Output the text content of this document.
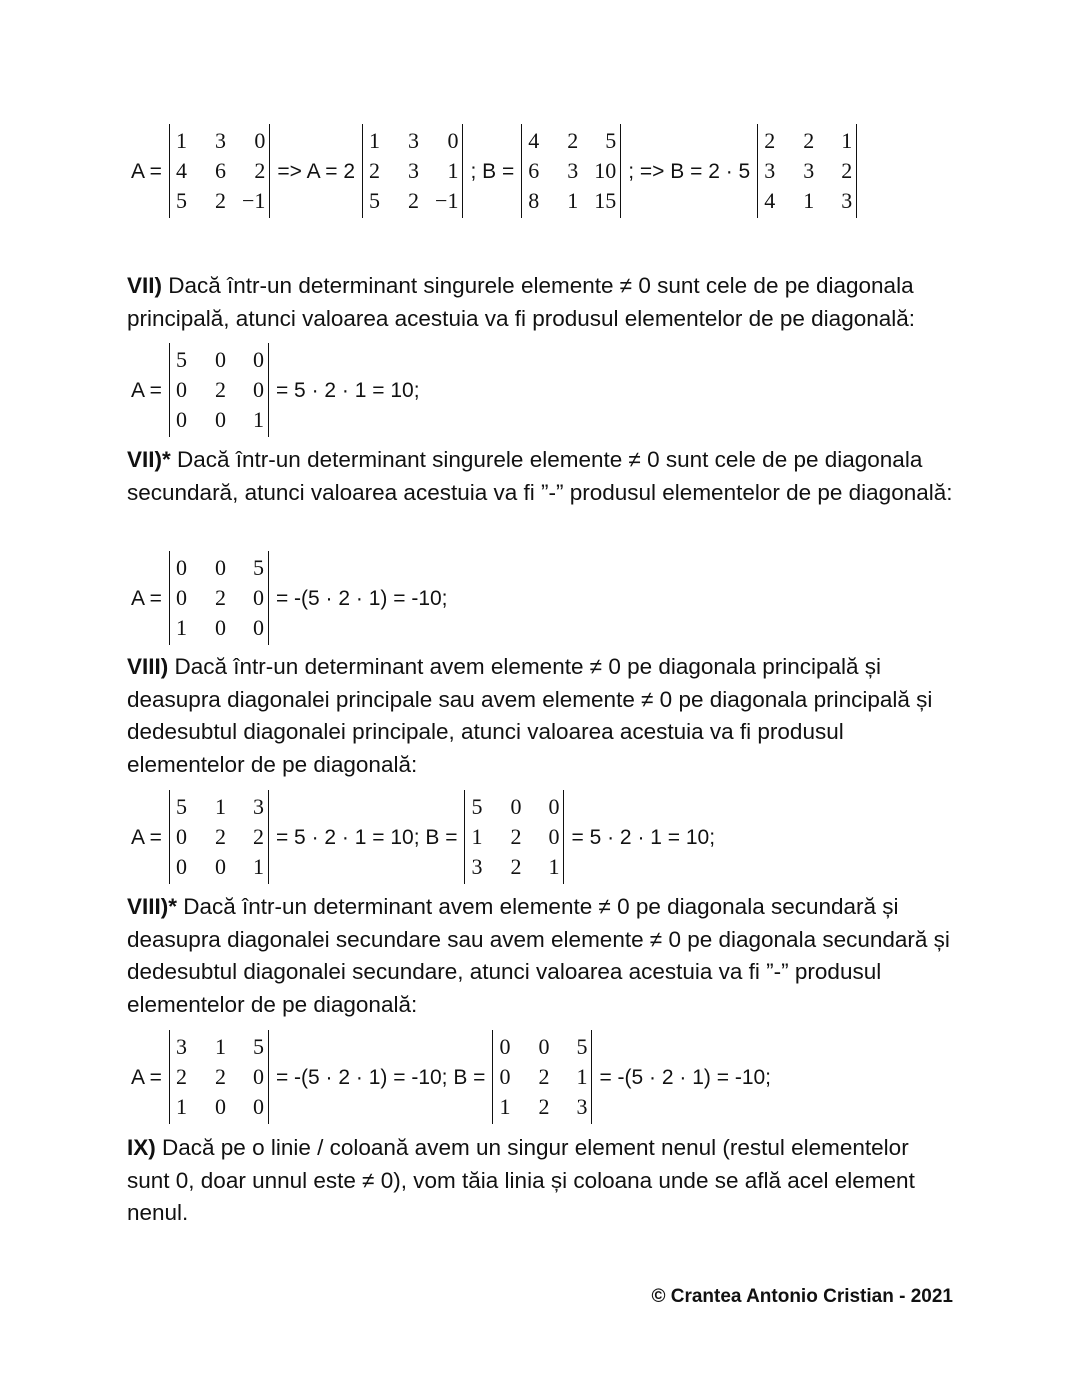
A =
1	3	0
4	6	2
5	2	−1
=> A = 2
1	3	0
2	3	1
5	2	−1
; B =
4	2	5
6	3	10
8	1	15
; => B = 2 · 5
2	2	1
3	3	2
4	1	3
VII) Dacă într-un determinant singurele elemente ≠ 0 sunt cele de pe diagonala principală, atunci valoarea acestuia va fi produsul elementelor de pe diagonală:
A =
5	0	0
0	2	0
0	0	1
= 5 · 2 · 1 = 10;
VII)* Dacă într-un determinant singurele elemente ≠ 0 sunt cele de pe diagonala secundară, atunci valoarea acestuia va fi ”-” produsul elementelor de pe diagonală:
A =
0	0	5
0	2	0
1	0	0
= -(5 · 2 · 1) = -10;
VIII) Dacă într-un determinant avem elemente ≠ 0 pe diagonala principală și deasupra diagonalei principale sau avem elemente ≠ 0 pe diagonala principală și dedesubtul diagonalei principale, atunci valoarea acestuia va fi produsul elementelor de pe diagonală:
A =
5	1	3
0	2	2
0	0	1
= 5 · 2 · 1 = 10; B =
5	0	0
1	2	0
3	2	1
= 5 · 2 · 1 = 10;
VIII)* Dacă într-un determinant avem elemente ≠ 0 pe diagonala secundară și deasupra diagonalei secundare sau avem elemente ≠ 0 pe diagonala secundară și dedesubtul diagonalei secundare, atunci valoarea acestuia va fi ”-” produsul elementelor de pe diagonală:
A =
3	1	5
2	2	0
1	0	0
= -(5 · 2 · 1) = -10; B =
0	0	5
0	2	1
1	2	3
= -(5 · 2 · 1) = -10;
IX) Dacă pe o linie / coloană avem un singur element nenul (restul elementelor sunt 0, doar unnul este ≠ 0), vom tăia linia și coloana unde se află acel element nenul.
© Crantea Antonio Cristian - 2021
